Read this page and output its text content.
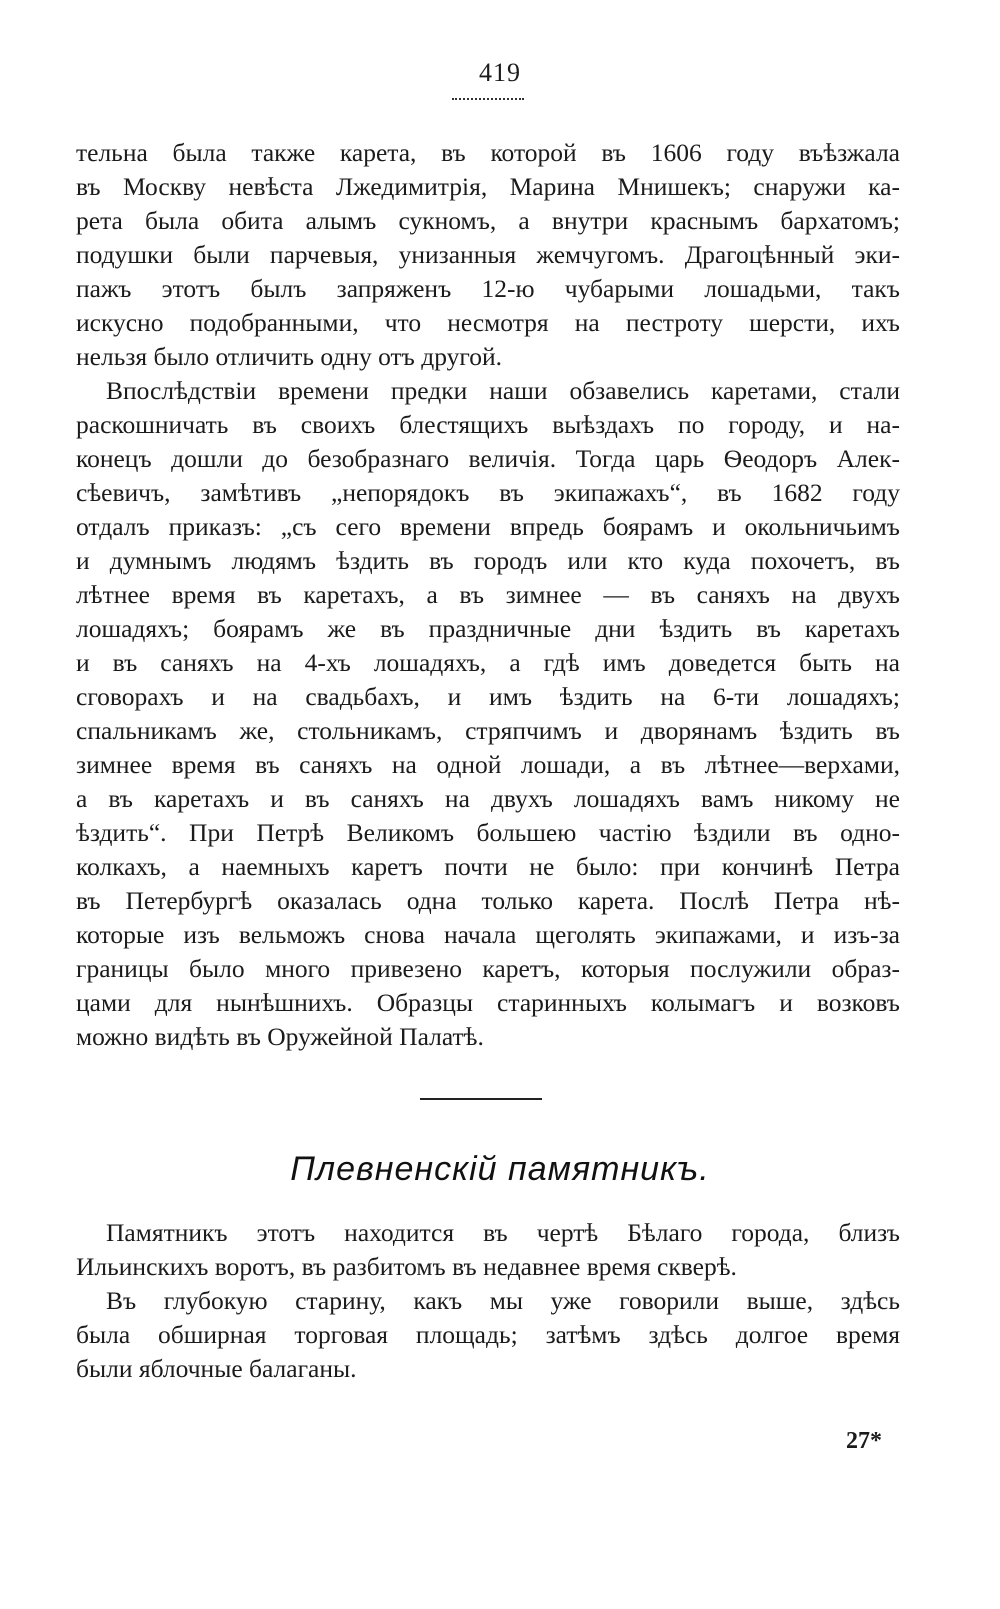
419
тельна была также карета, въ которой въ 1606 году въѣзжала
въ Москву невѣста Лжедимитрія, Марина Мнишекъ; снаружи ка-
рета была обита алымъ сукномъ, а внутри краснымъ бархатомъ;
подушки были парчевыя, унизанныя жемчугомъ. Драгоцѣнный эки-
пажъ этотъ былъ запряженъ 12-ю чубарыми лошадьми, такъ
искусно подобранными, что несмотря на пестроту шерсти, ихъ
нельзя было отличить одну отъ другой.
Впослѣдствіи времени предки наши обзавелись каретами, стали
раскошничать въ своихъ блестящихъ выѣздахъ по городу, и на-
конецъ дошли до безобразнаго величія. Тогда царь Ѳеодоръ Алек-
сѣевичъ, замѣтивъ „непорядокъ въ экипажахъ“, въ 1682 году
отдалъ приказъ: „съ сего времени впредь боярамъ и окольничьимъ
и думнымъ людямъ ѣздить въ городъ или кто куда похочетъ, въ
лѣтнее время въ каретахъ, а въ зимнее — въ саняхъ на двухъ
лошадяхъ; боярамъ же въ праздничные дни ѣздить въ каретахъ
и въ саняхъ на 4-хъ лошадяхъ, а гдѣ имъ доведется быть на
сговорахъ и на свадьбахъ, и имъ ѣздить на 6-ти лошадяхъ;
спальникамъ же, стольникамъ, стряпчимъ и дворянамъ ѣздить въ
зимнее время въ саняхъ на одной лошади, а въ лѣтнее—верхами,
а въ каретахъ и въ саняхъ на двухъ лошадяхъ вамъ никому не
ѣздить“. При Петрѣ Великомъ большею частію ѣздили въ одно-
колкахъ, а наемныхъ каретъ почти не было: при кончинѣ Петра
въ Петербургѣ оказалась одна только карета. Послѣ Петра нѣ-
которые изъ вельможъ снова начала щеголять экипажами, и изъ-за
границы было много привезено каретъ, которыя послужили образ-
цами для нынѣшнихъ. Образцы старинныхъ колымагъ и возковъ
можно видѣть въ Оружейной Палатѣ.
Плевненскій памятникъ.
Памятникъ этотъ находится въ чертѣ Бѣлаго города, близъ
Ильинскихъ воротъ, въ разбитомъ въ недавнее время скверѣ.
Въ глубокую старину, какъ мы уже говорили выше, здѣсь
была обширная торговая площадь; затѣмъ здѣсь долгое время
были яблочные балаганы.
27*
